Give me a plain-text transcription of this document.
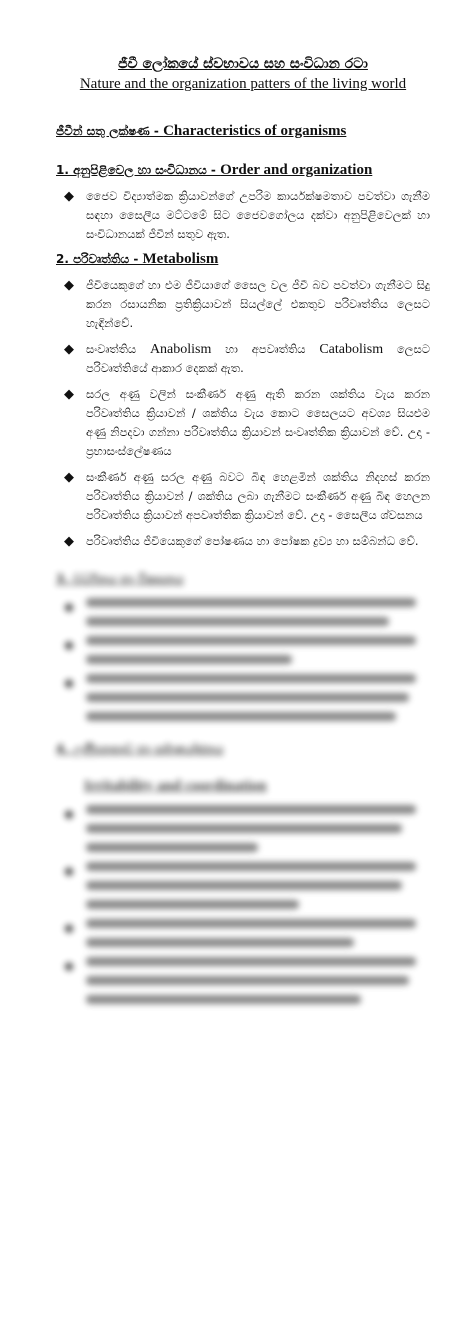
ජීවී ලෝකයේ ස්වභාවය සහ සංවිධාන රටා
Nature and the organization patters of the living world

ජීවීන් සතු ලක්ෂණ - Characteristics of organisms

1. අනුපිළිවෙල හා සංවිධානය - Order and organization

◆ ජෛව විද්‍යාත්මක ක්‍රියාවන්ගේ උපරිම කාර්යක්ෂමතාව පවත්වා ගැනීම සඳහා සෛලීය මට්ටමේ සිට ජෛවගෝලය දක්වා අනුපිළිවෙලක් හා සංවිධානයක් ජීවීන් සතුව ඇත.

2. පරිවෘත්තිය - Metabolism

◆ ජීවියෙකුගේ හා එම ජීවියාගේ සෛල වල ජීවී බව පවත්වා ගැනීමට සිදු කරන රසායනික ප්‍රතික්‍රියාවන් සියල්ලේ එකතුව පරිවෘත්තිය ලෙසට හැඳින්වේ.
◆ සංවෘත්තිය Anabolism හා අපවෘත්තිය Catabolism ලෙසට පරිවෘත්තියේ ආකාර දෙකක් ඇත.
◆ සරල අණු වලින් සංකීර්ණ අණු ඇති කරන ශක්තිය වැය කරන පරිවෘත්තිය ක්‍රියාවන් / ශක්තිය වැය කොට සෛලයට අවශ්‍ය සියළුම අණු නිපදවා ගන්නා පරිවෘත්තිය ක්‍රියාවන් සංවෘත්තික ක්‍රියාවන් වේ. උදා - ප්‍රභාසංස්ලේෂණය
◆ සංකීර්ණ අණු සරල අණු බවට බිඳ හෙළමින් ශක්තිය නිදහස් කරන පරිවෘත්තිය ක්‍රියාවන් / ශක්තිය ලබා ගැනීමට සංකීර්ණ අණු බිඳ හෙලන පරිවෘත්තිය ක්‍රියාවන් අපවෘත්තික ක්‍රියාවන් වේ. උදා - සෛලීය ශ්වසනය
◆ පරිවෘත්තිය ජීවියෙකුගේ පෝෂණය හා පෝෂක ද්‍රව්‍ය හා සම්බන්ධ වේ.

3. වර්ධනය හා විකසනය

◆
◆
◆

4. උද්දීපනතාව හා සමායෝජනය

Irritability and coordination

◆
◆
◆
◆
